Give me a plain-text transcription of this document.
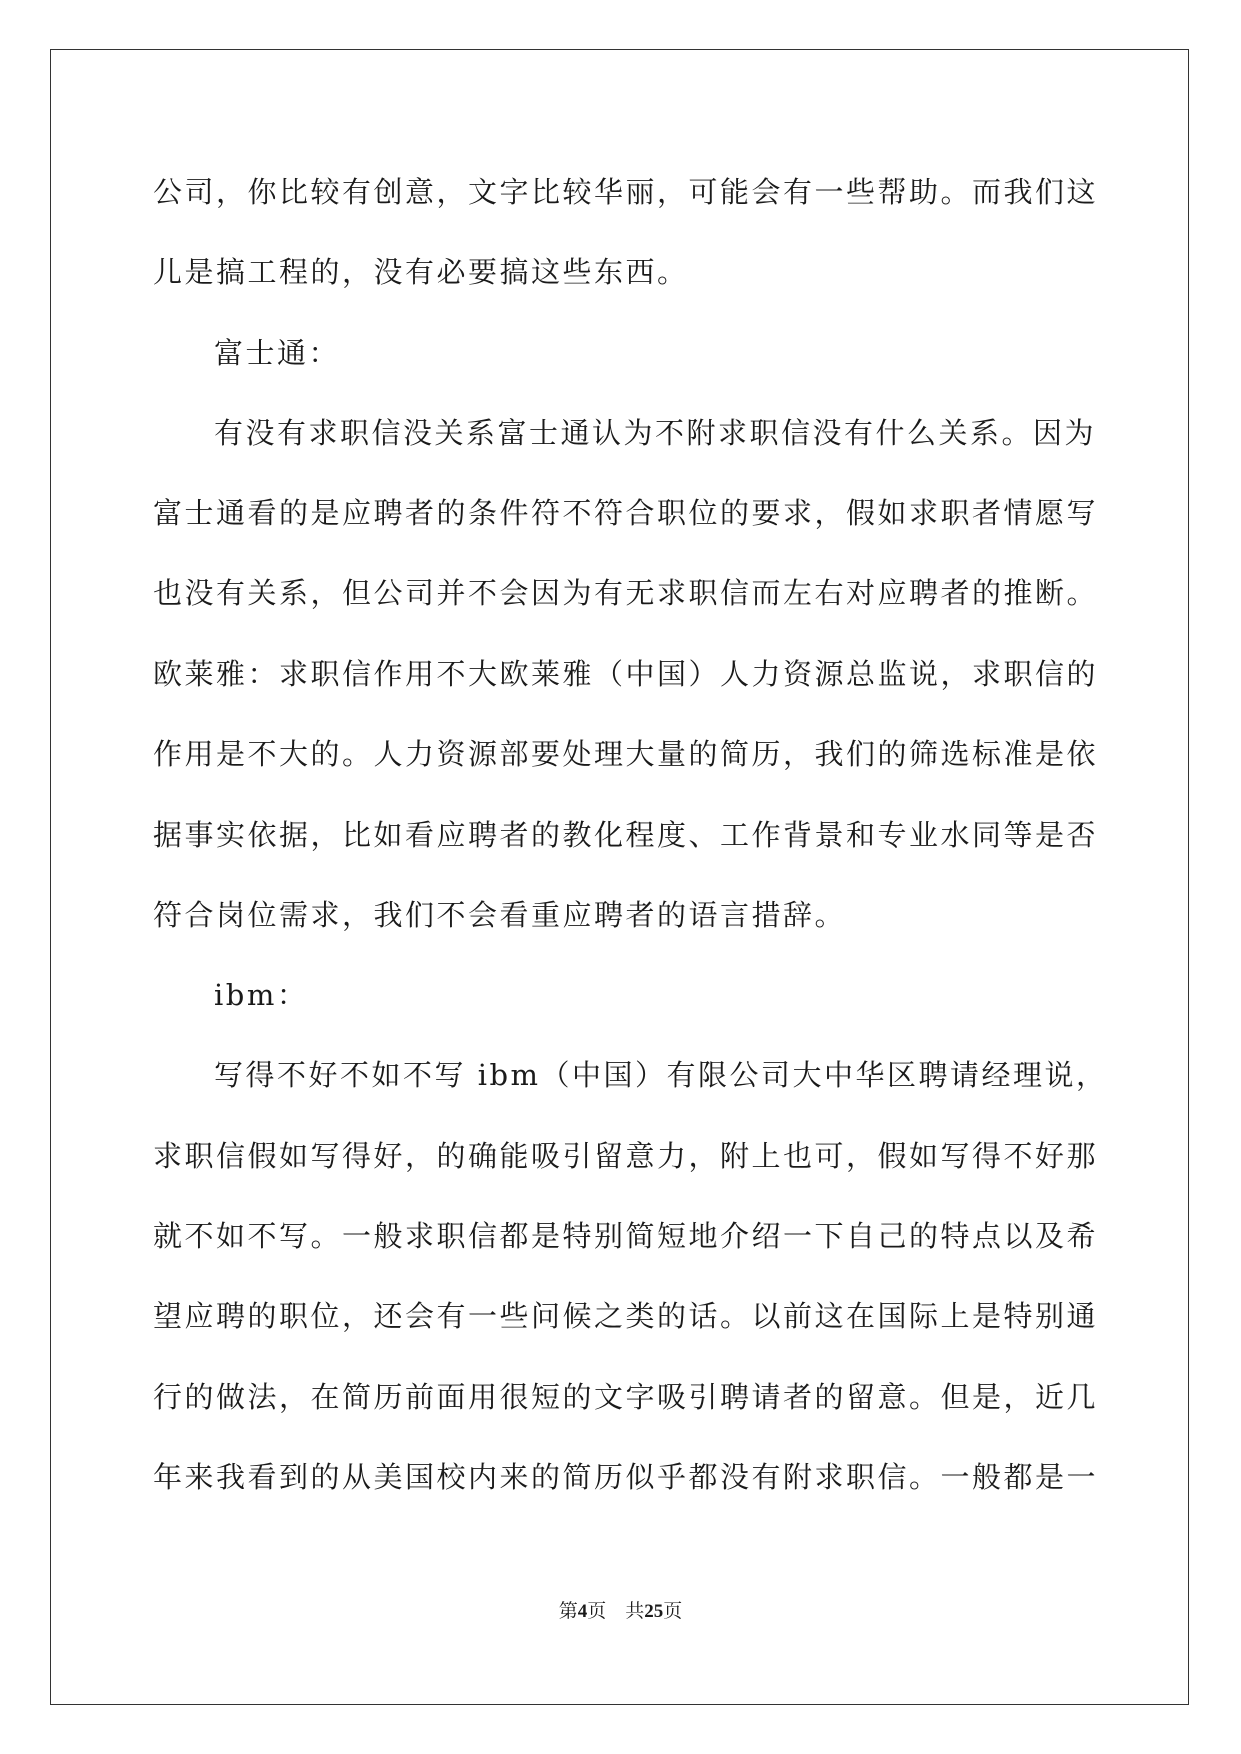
公司，你比较有创意，文字比较华丽，可能会有一些帮助。而我们这
儿是搞工程的，没有必要搞这些东西。
富士通：
有没有求职信没关系富士通认为不附求职信没有什么关系。因为
富士通看的是应聘者的条件符不符合职位的要求，假如求职者情愿写
也没有关系，但公司并不会因为有无求职信而左右对应聘者的推断。
欧莱雅：求职信作用不大欧莱雅（中国）人力资源总监说，求职信的
作用是不大的。人力资源部要处理大量的简历，我们的筛选标准是依
据事实依据，比如看应聘者的教化程度、工作背景和专业水同等是否
符合岗位需求，我们不会看重应聘者的语言措辞。
ibm：
写得不好不如不写 ibm（中国）有限公司大中华区聘请经理说，
求职信假如写得好，的确能吸引留意力，附上也可，假如写得不好那
就不如不写。一般求职信都是特别简短地介绍一下自己的特点以及希
望应聘的职位，还会有一些问候之类的话。以前这在国际上是特别通
行的做法，在简历前面用很短的文字吸引聘请者的留意。但是，近几
年来我看到的从美国校内来的简历似乎都没有附求职信。一般都是一
第4页 共25页
